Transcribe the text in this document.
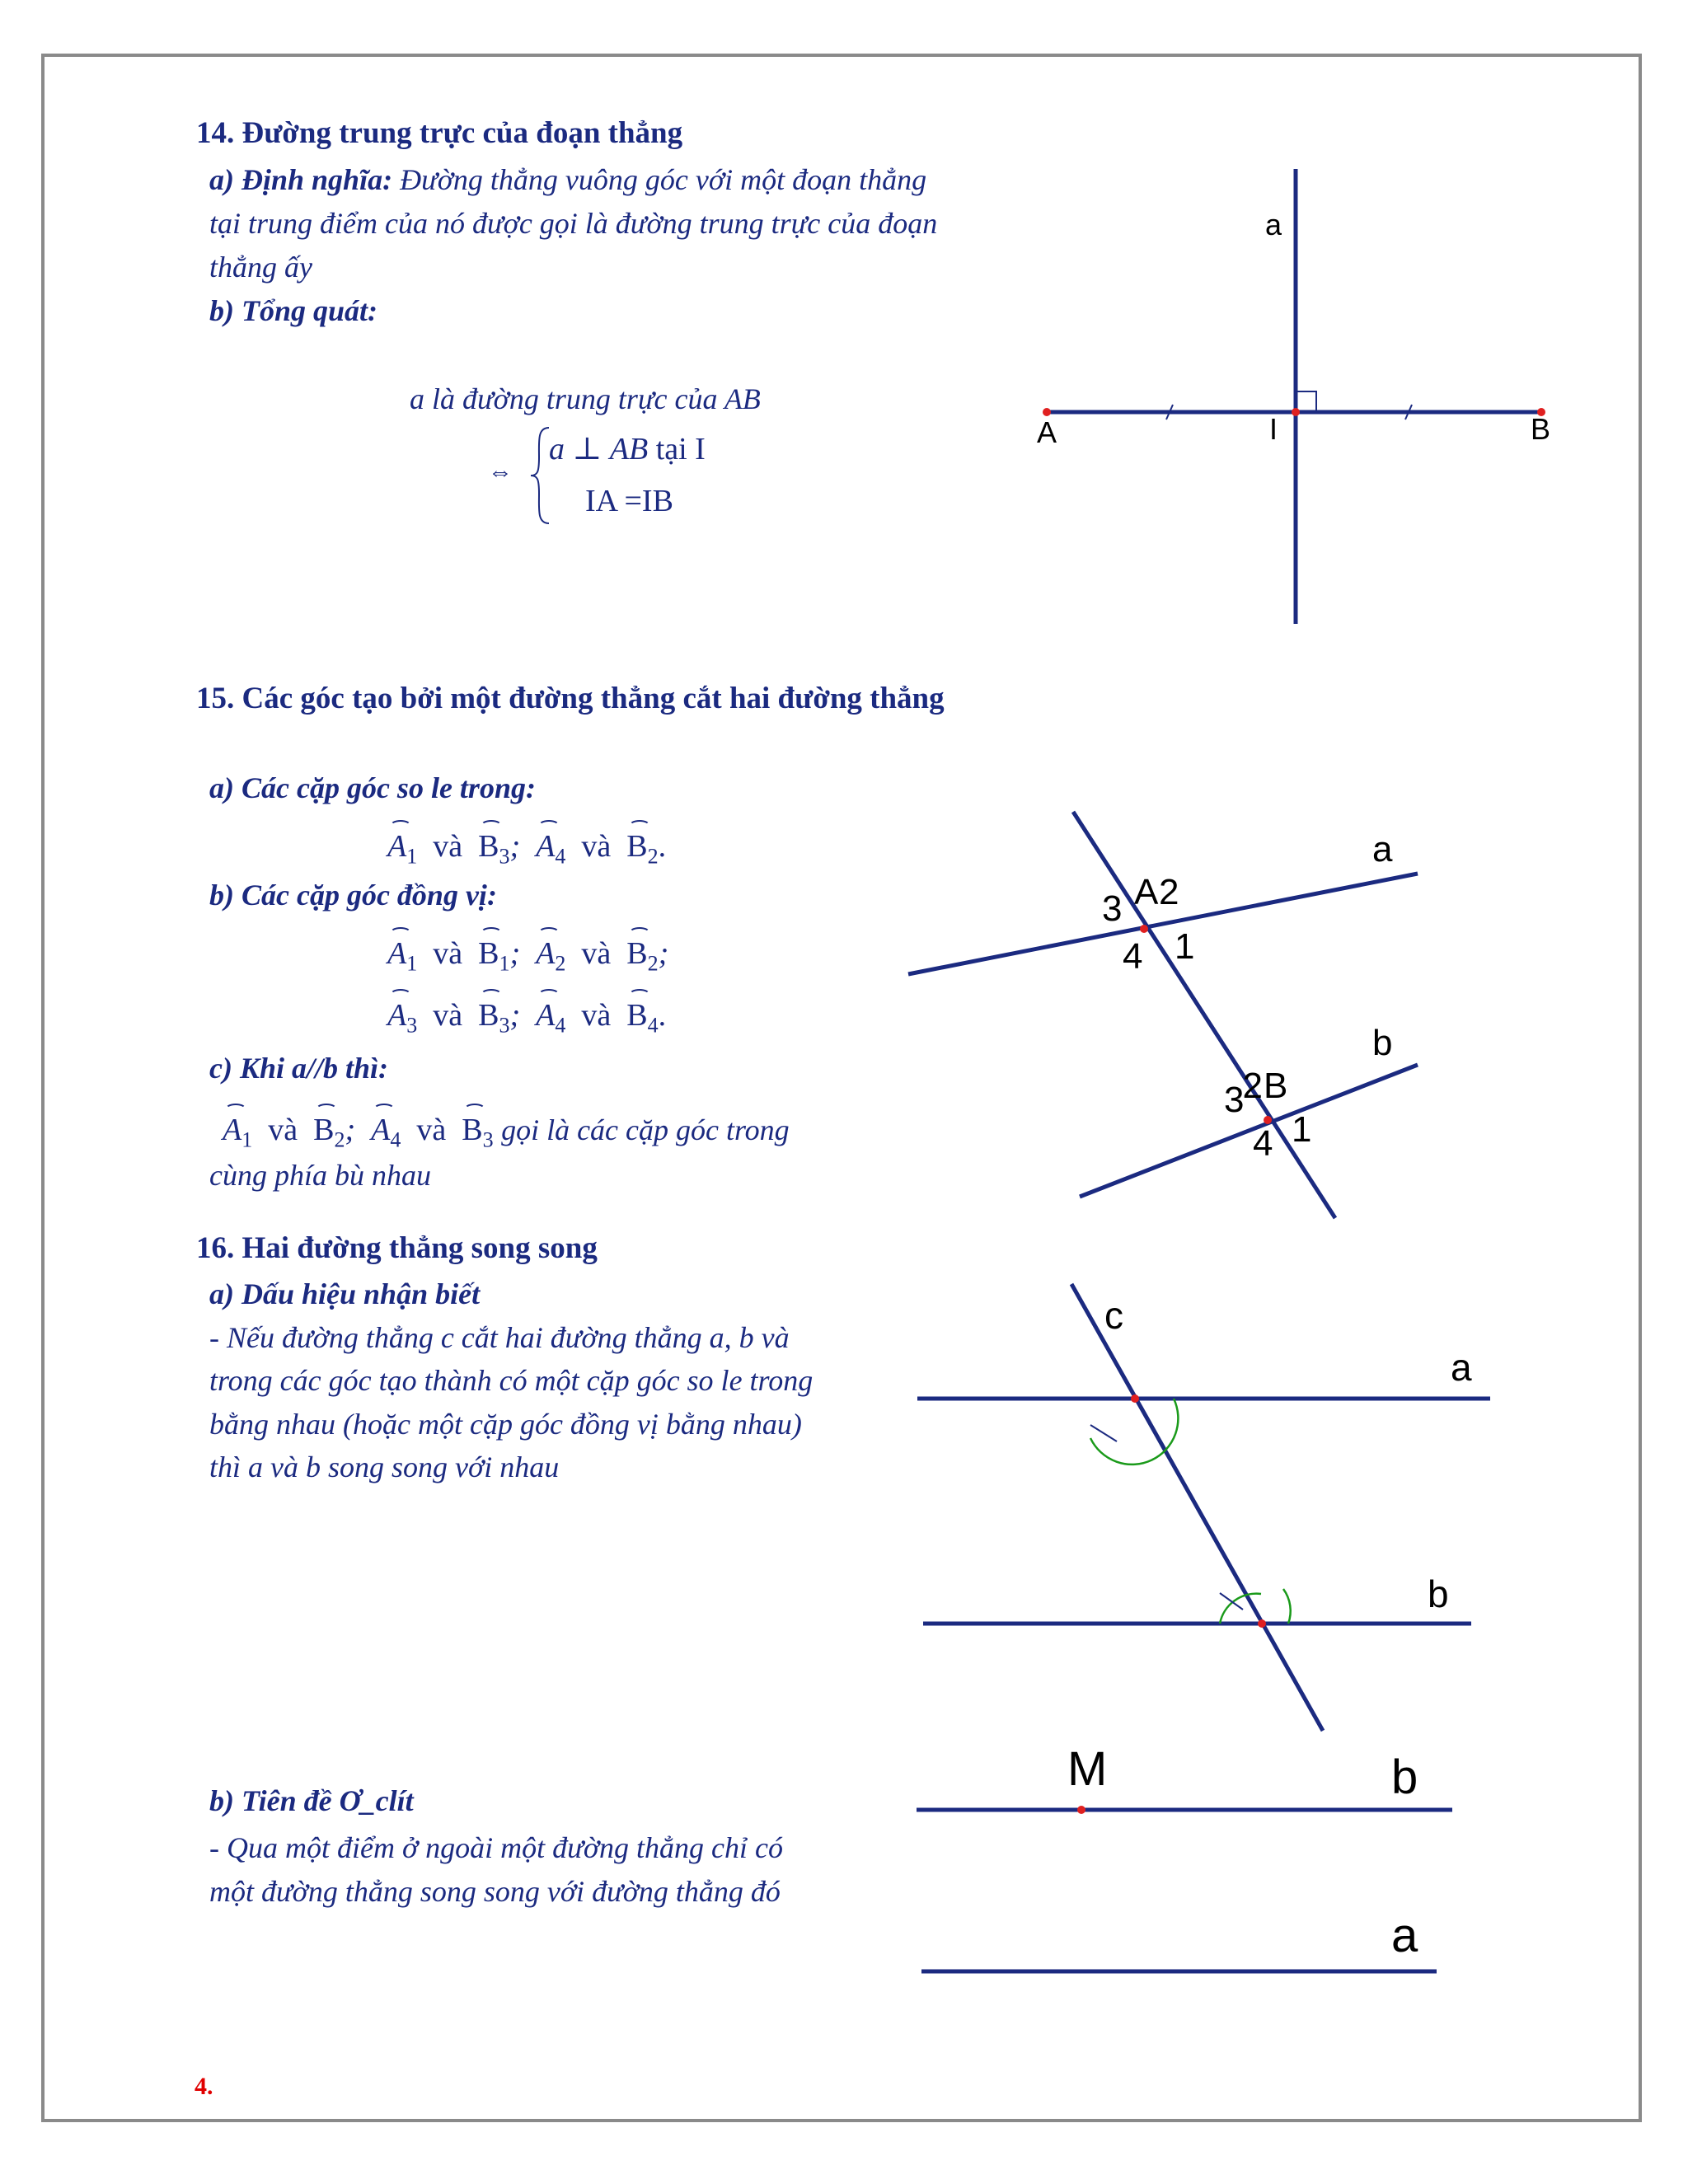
14. Đường trung trực của đoạn thẳng
a) Định nghĩa: Đường thẳng vuông góc với một đoạn thẳng
tại trung điểm của nó được gọi là đường trung trực của đoạn
thẳng ấy
b) Tổng quát:
a là đường trung trực của AB
⇔
a ⊥ AB tại I
IA =IB
a
A	I	B
15. Các góc tạo bởi một đường thẳng cắt hai đường thẳng
a) Các cặp góc so le trong:
$A_1$ và $B_3$; $A_4$ và $B_2$.
b) Các cặp góc đồng vị:
$A_1$ và $B_1$; $A_2$ và $B_2$;
$A_3$ và $B_3$; $A_4$ và $B_4$.
c) Khi a//b thì:
$A_1$ và $B_2$; $A_4$ và $B_3$ gọi là các cặp góc trong
cùng phía bù nhau
a
b
A 2
3
4 1
B
2
3
4 1
16. Hai đường thẳng song song
a) Dấu hiệu nhận biết
- Nếu đường thẳng c cắt hai đường thẳng a, b và
trong các góc tạo thành có một cặp góc so le trong
bằng nhau (hoặc một cặp góc đồng vị bằng nhau)
thì a và b song song với nhau
c
a
b
b) Tiên đề Ơ_clít
- Qua một điểm ở ngoài một đường thẳng chỉ có
một đường thẳng song song với đường thẳng đó
M	b
a
4.
